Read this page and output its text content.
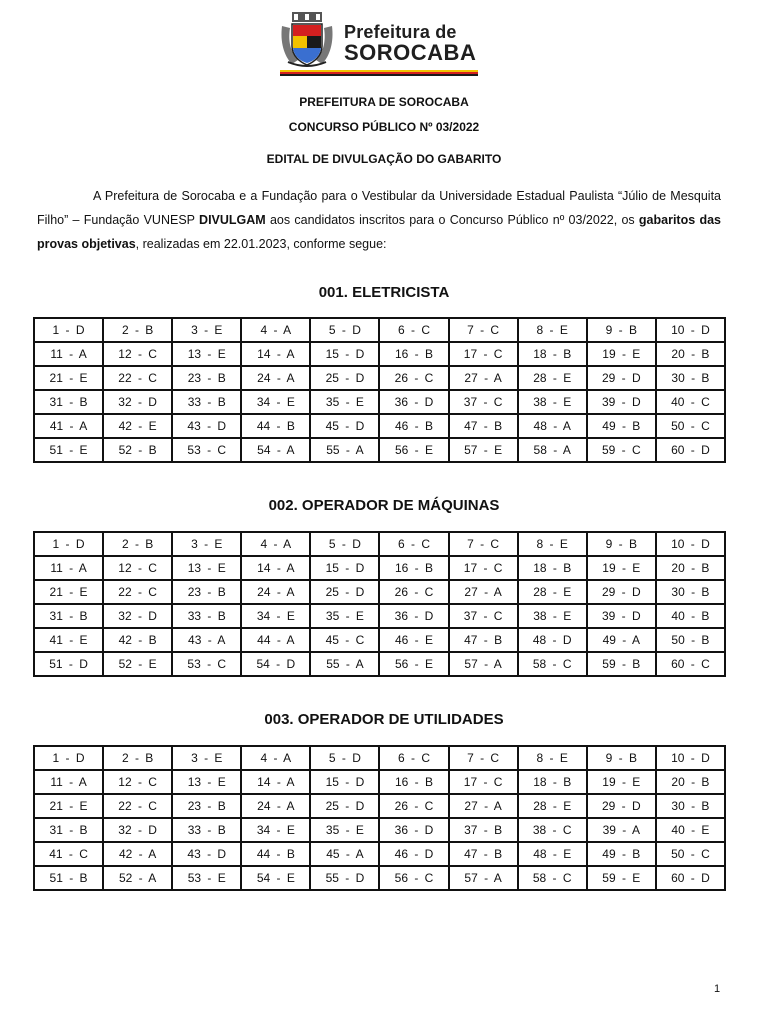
Prefeitura de
SOROCABA
PREFEITURA DE SOROCABA
CONCURSO PÚBLICO Nº 03/2022
EDITAL DE DIVULGAÇÃO DO GABARITO
A Prefeitura de Sorocaba e a Fundação para o Vestibular da Universidade Estadual Paulista “Júlio de Mesquita Filho” – Fundação VUNESP DIVULGAM aos candidatos inscritos para o Concurso Público nº 03/2022, os gabaritos das provas objetivas, realizadas em 22.01.2023, conforme segue:
001. ELETRICISTA
1 - D	2 - B	3 - E	4 - A	5 - D	6 - C	7 - C	8 - E	9 - B	10 - D
11 - A	12 - C	13 - E	14 - A	15 - D	16 - B	17 - C	18 - B	19 - E	20 - B
21 - E	22 - C	23 - B	24 - A	25 - D	26 - C	27 - A	28 - E	29 - D	30 - B
31 - B	32 - D	33 - B	34 - E	35 - E	36 - D	37 - C	38 - E	39 - D	40 - C
41 - A	42 - E	43 - D	44 - B	45 - D	46 - B	47 - B	48 - A	49 - B	50 - C
51 - E	52 - B	53 - C	54 - A	55 - A	56 - E	57 - E	58 - A	59 - C	60 - D
002. OPERADOR DE MÁQUINAS
1 - D	2 - B	3 - E	4 - A	5 - D	6 - C	7 - C	8 - E	9 - B	10 - D
11 - A	12 - C	13 - E	14 - A	15 - D	16 - B	17 - C	18 - B	19 - E	20 - B
21 - E	22 - C	23 - B	24 - A	25 - D	26 - C	27 - A	28 - E	29 - D	30 - B
31 - B	32 - D	33 - B	34 - E	35 - E	36 - D	37 - C	38 - E	39 - D	40 - B
41 - E	42 - B	43 - A	44 - A	45 - C	46 - E	47 - B	48 - D	49 - A	50 - B
51 - D	52 - E	53 - C	54 - D	55 - A	56 - E	57 - A	58 - C	59 - B	60 - C
003. OPERADOR DE UTILIDADES
1 - D	2 - B	3 - E	4 - A	5 - D	6 - C	7 - C	8 - E	9 - B	10 - D
11 - A	12 - C	13 - E	14 - A	15 - D	16 - B	17 - C	18 - B	19 - E	20 - B
21 - E	22 - C	23 - B	24 - A	25 - D	26 - C	27 - A	28 - E	29 - D	30 - B
31 - B	32 - D	33 - B	34 - E	35 - E	36 - D	37 - B	38 - C	39 - A	40 - E
41 - C	42 - A	43 - D	44 - B	45 - A	46 - D	47 - B	48 - E	49 - B	50 - C
51 - B	52 - A	53 - E	54 - E	55 - D	56 - C	57 - A	58 - C	59 - E	60 - D
1
